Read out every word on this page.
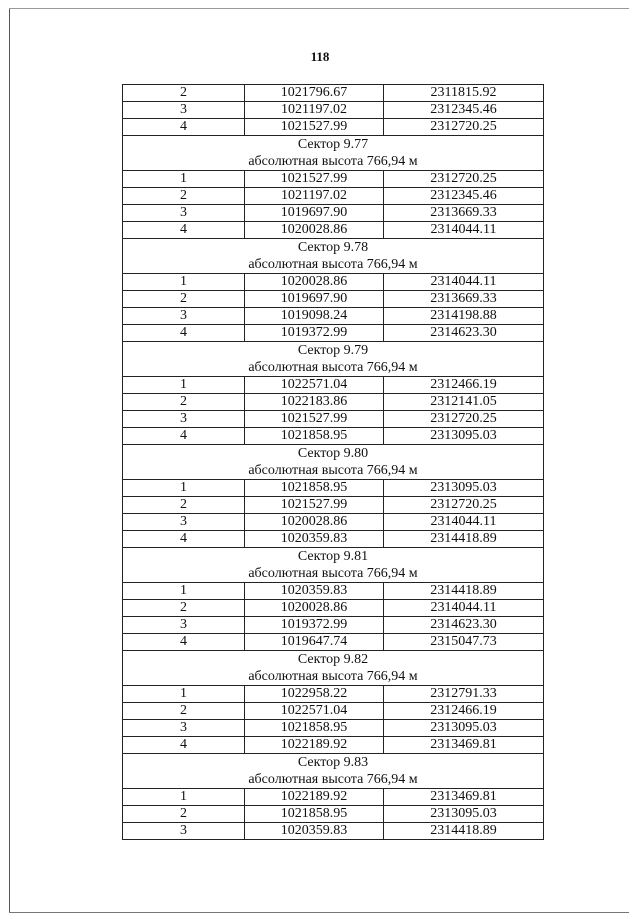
118
2	1021796.67	2311815.92
3	1021197.02	2312345.46
4	1021527.99	2312720.25

Сектор 9.77
абсолютная высота 766,94 м		

1	1021527.99	2312720.25
2	1021197.02	2312345.46
3	1019697.90	2313669.33
4	1020028.86	2314044.11

Сектор 9.78
абсолютная высота 766,94 м		

1	1020028.86	2314044.11
2	1019697.90	2313669.33
3	1019098.24	2314198.88
4	1019372.99	2314623.30

Сектор 9.79
абсолютная высота 766,94 м		

1	1022571.04	2312466.19
2	1022183.86	2312141.05
3	1021527.99	2312720.25
4	1021858.95	2313095.03

Сектор 9.80
абсолютная высота 766,94 м		

1	1021858.95	2313095.03
2	1021527.99	2312720.25
3	1020028.86	2314044.11
4	1020359.83	2314418.89

Сектор 9.81
абсолютная высота 766,94 м		

1	1020359.83	2314418.89
2	1020028.86	2314044.11
3	1019372.99	2314623.30
4	1019647.74	2315047.73

Сектор 9.82
абсолютная высота 766,94 м		

1	1022958.22	2312791.33
2	1022571.04	2312466.19
3	1021858.95	2313095.03
4	1022189.92	2313469.81

Сектор 9.83
абсолютная высота 766,94 м		

1	1022189.92	2313469.81
2	1021858.95	2313095.03
3	1020359.83	2314418.89
